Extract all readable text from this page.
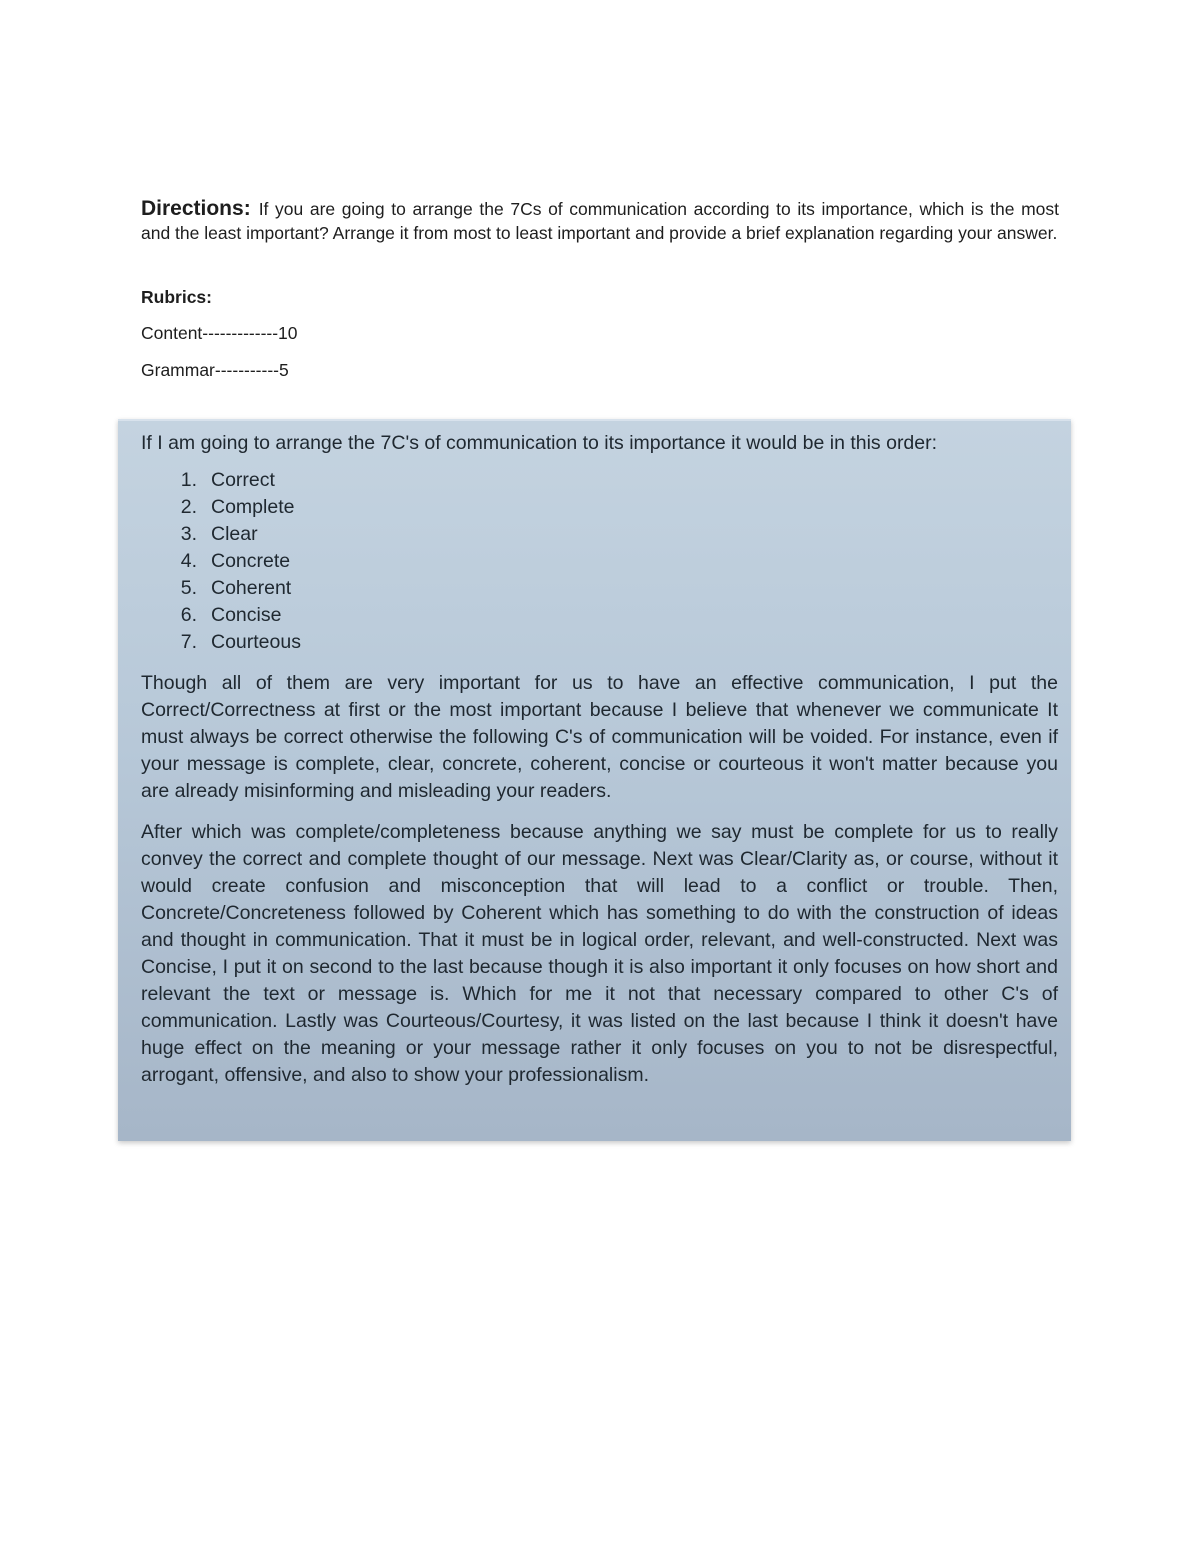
Directions: If you are going to arrange the 7Cs of communication according to its importance, which is the most and the least important? Arrange it from most to least important and provide a brief explanation regarding your answer.
Rubrics:
Content-------------10
Grammar-----------5

If I am going to arrange the 7C's of communication to its importance it would be in this order:

1. Correct
2. Complete
3. Clear
4. Concrete
5. Coherent
6. Concise
7. Courteous

Though all of them are very important for us to have an effective communication, I put the Correct/Correctness at first or the most important because I believe that whenever we communicate It must always be correct otherwise the following C's of communication will be voided. For instance, even if your message is complete, clear, concrete, coherent, concise or courteous it won't matter because you are already misinforming and misleading your readers.

After which was complete/completeness because anything we say must be complete for us to really convey the correct and complete thought of our message. Next was Clear/Clarity as, or course, without it would create confusion and misconception that will lead to a conflict or trouble. Then, Concrete/Concreteness followed by Coherent which has something to do with the construction of ideas and thought in communication. That it must be in logical order, relevant, and well-constructed. Next was Concise, I put it on second to the last because though it is also important it only focuses on how short and relevant the text or message is. Which for me it not that necessary compared to other C's of communication. Lastly was Courteous/Courtesy, it was listed on the last because I think it doesn't have huge effect on the meaning or your message rather it only focuses on you to not be disrespectful, arrogant, offensive, and also to show your professionalism.
